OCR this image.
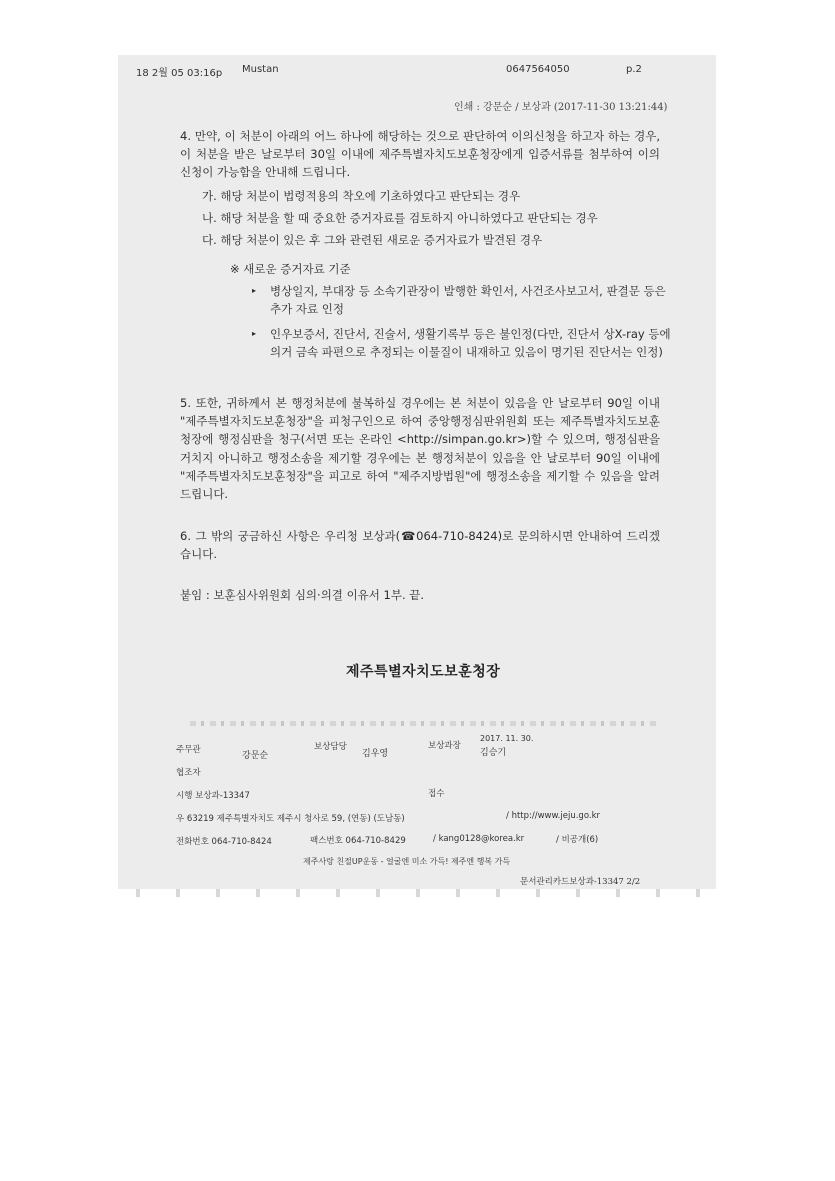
18 2월 05 03:16p Mustan	0647564050	p.2
인쇄 : 강문순 / 보상과 (2017-11-30 13:21:44)
4. 만약, 이 처분이 아래의 어느 하나에 해당하는 것으로 판단하여 이의신청을 하고자 하는 경우, 이 처분을 받은 날로부터 30일 이내에 제주특별자치도보훈청장에게 입증서류를 첨부하여 이의신청이 가능함을 안내해 드립니다.
가. 해당 처분이 법령적용의 착오에 기초하였다고 판단되는 경우
나. 해당 처분을 할 때 중요한 증거자료를 검토하지 아니하였다고 판단되는 경우
다. 해당 처분이 있은 후 그와 관련된 새로운 증거자료가 발견된 경우
※ 새로운 증거자료 기준
▸ 병상일지, 부대장 등 소속기관장이 발행한 확인서, 사건조사보고서, 판결문 등은 추가 자료 인정
▸ 인우보증서, 진단서, 진술서, 생활기록부 등은 불인정(다만, 진단서 상X-ray 등에 의거 금속 파편으로 추정되는 이물질이 내재하고 있음이 명기된 진단서는 인정)
5. 또한, 귀하께서 본 행정처분에 불복하실 경우에는 본 처분이 있음을 안 날로부터 90일 이내 "제주특별자치도보훈청장"을 피청구인으로 하여 중앙행정심판위원회 또는 제주특별자치도보훈청장에 행정심판을 청구(서면 또는 온라인 <http://simpan.go.kr>)할 수 있으며, 행정심판을 거치지 아니하고 행정소송을 제기할 경우에는 본 행정처분이 있음을 안 날로부터 90일 이내에 "제주특별자치도보훈청장"을 피고로 하여 "제주지방법원"에 행정소송을 제기할 수 있음을 알려드립니다.
6. 그 밖의 궁금하신 사항은 우리청 보상과(☎064-710-8424)로 문의하시면 안내하여 드리겠습니다.
붙임 : 보훈심사위원회 심의·의결 이유서 1부. 끝.
제주특별자치도보훈청장
주무관
강문순
보상담당
김우영
보상과장
2017. 11. 30.
김승기
협조자
시행 보상과-13347	접수
우 63219 제주특별자치도 제주시 청사로 59, (연동) (도남동)	/ http://www.jeju.go.kr
전화번호 064-710-8424	팩스번호 064-710-8429	/ kang0128@korea.kr	/ 비공개(6)
제주사랑 친절UP운동 - 얼굴엔 미소 가득! 제주엔 행복 가득
문서관리카드보상과-13347 2/2
